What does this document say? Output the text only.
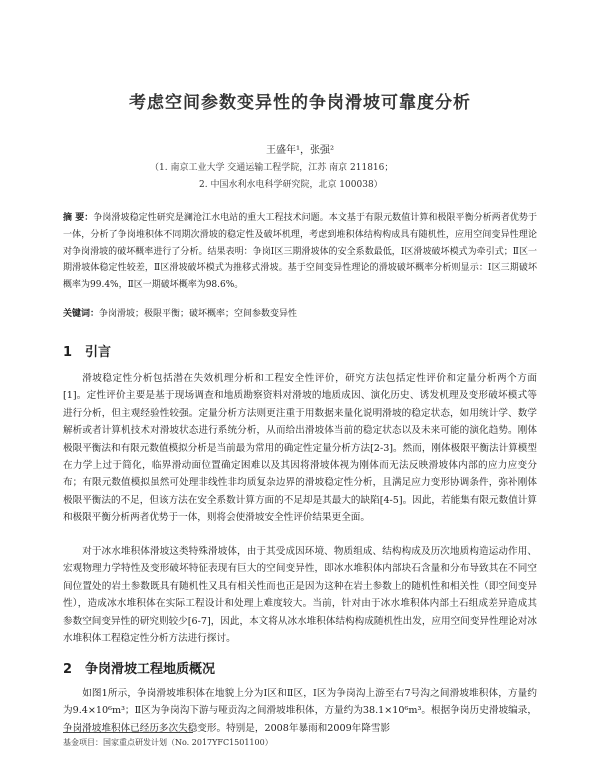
考虑空间参数变异性的争岗滑坡可靠度分析
王盛年¹，张强²
（1. 南京工业大学 交通运输工程学院，江苏 南京 211816；
2. 中国水利水电科学研究院，北京 100038）
摘 要：争岗滑坡稳定性研究是澜沧江水电站的重大工程技术问题。本文基于有限元数值计算和极限平衡分析两者优势于一体，分析了争岗堆积体不同期次滑坡的稳定性及破坏机理，考虑到堆积体结构构成具有随机性，应用空间变异性理论对争岗滑坡的破坏概率进行了分析。结果表明：争岗Ⅰ区三期滑坡体的安全系数最低，Ⅰ区滑坡破坏模式为牵引式；Ⅱ区一期滑坡体稳定性较差，Ⅱ区滑坡破坏模式为推移式滑坡。基于空间变异性理论的滑坡破坏概率分析则显示：Ⅰ区三期破坏概率为99.4%，Ⅱ区一期破坏概率为98.6%。
关键词：争岗滑坡；极限平衡；破坏概率；空间参数变异性
1 引言
滑坡稳定性分析包括潜在失效机理分析和工程安全性评价，研究方法包括定性评价和定量分析两个方面[1]。定性评价主要是基于现场调查和地质勘察资料对滑坡的地质成因、演化历史、诱发机理及变形破坏模式等进行分析，但主观经验性较强。定量分析方法则更注重于用数据来量化说明滑坡的稳定状态，如用统计学、数学解析或者计算机技术对滑坡状态进行系统分析，从而给出滑坡体当前的稳定状态以及未来可能的演化趋势。刚体极限平衡法和有限元数值模拟分析是当前最为常用的确定性定量分析方法[2-3]。然而，刚体极限平衡法计算模型在力学上过于简化，临界滑动面位置确定困难以及其因将滑坡体视为刚体而无法反映滑坡体内部的应力应变分布；有限元数值模拟虽然可处理非线性非均质复杂边界的滑坡稳定性分析，且满足应力变形协调条件，弥补刚体极限平衡法的不足，但该方法在安全系数计算方面的不足却是其最大的缺陷[4-5]。因此，若能集有限元数值计算和极限平衡分析两者优势于一体，则将会使滑坡安全性评价结果更全面。
对于冰水堆积体滑坡这类特殊滑坡体，由于其受成因环境、物质组成、结构构成及历次地质构造运动作用、宏观物理力学特性及变形破坏特征表现有巨大的空间变异性，即冰水堆积体内部块石含量和分布导致其在不同空间位置处的岩土参数既具有随机性又具有相关性而也正是因为这种在岩土参数上的随机性和相关性（即空间变异性），造成冰水堆积体在实际工程设计和处理上难度较大。当前，针对由于冰水堆积体内部土石组成差异造成其参数空间变异性的研究则较少[6-7]，因此，本文将从冰水堆积体结构构成随机性出发，应用空间变异性理论对冰水堆积体工程稳定性分析方法进行探讨。
2 争岗滑坡工程地质概况
如图1所示，争岗滑坡堆积体在地貌上分为Ⅰ区和Ⅱ区，Ⅰ区为争岗沟上游至右7号沟之间滑坡堆积体，方量约为9.4×10⁶m³；Ⅱ区为争岗沟下游与哑贡沟之间滑坡堆积体，方量约为38.1×10⁶m³。根据争岗历史滑坡编录，争岗滑坡堆积体已经历多次失稳变形。特别是，2008年暴雨和2009年降雪影
基金项目：国家重点研发计划（No. 2017YFC1501100）
